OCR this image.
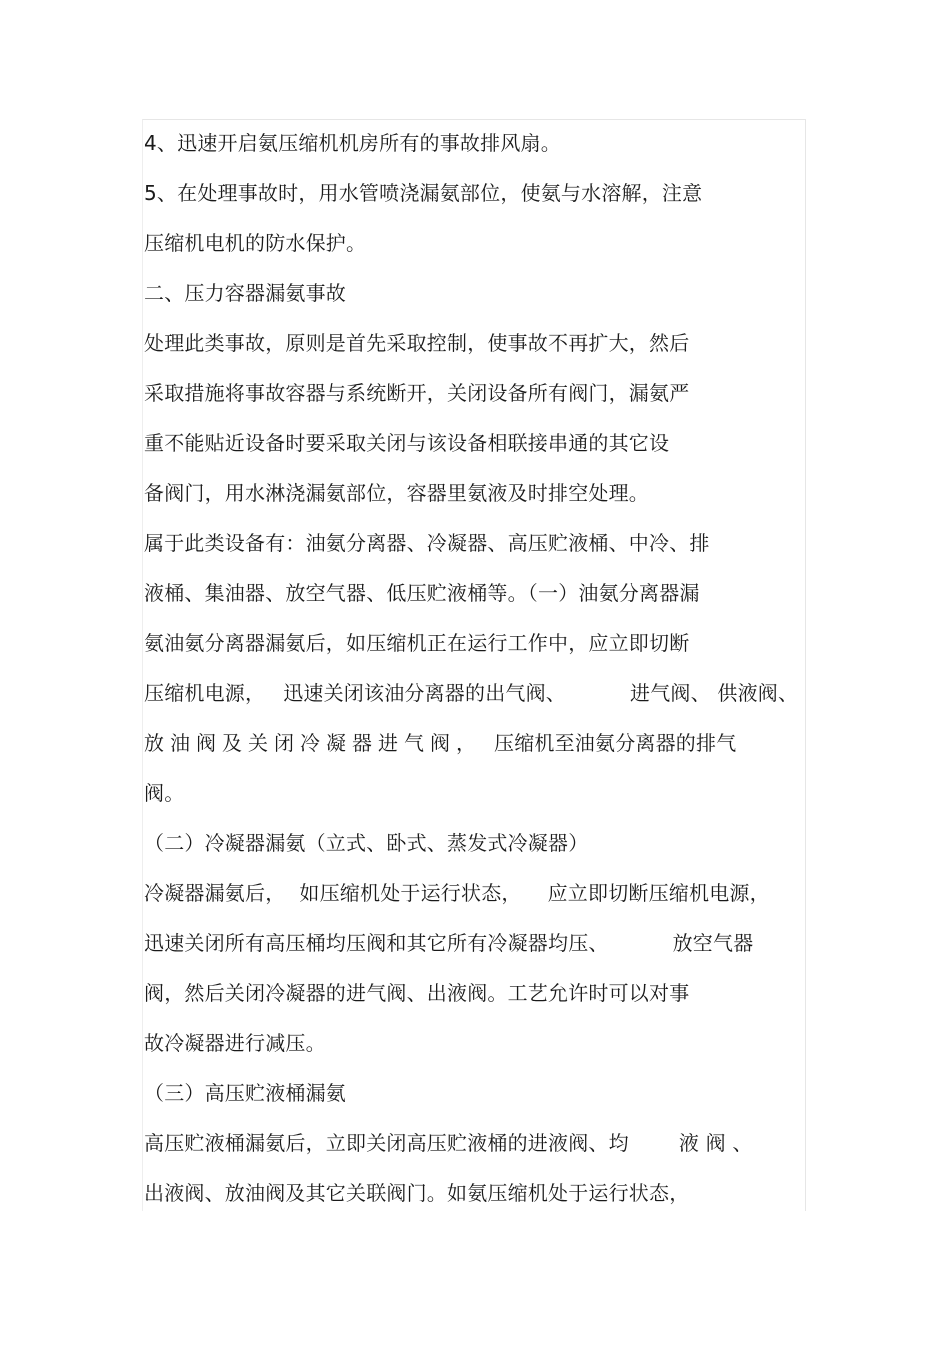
4、迅速开启氨压缩机机房所有的事故排风扇。
5、在处理事故时，用水管喷浇漏氨部位，使氨与水溶解，注意
压缩机电机的防水保护。
二、压力容器漏氨事故
处理此类事故，原则是首先采取控制，使事故不再扩大，然后
采取措施将事故容器与系统断开，关闭设备所有阀门，漏氨严
重不能贴近设备时要采取关闭与该设备相联接串通的其它设
备阀门，用水淋浇漏氨部位，容器里氨液及时排空处理。
属于此类设备有：油氨分离器、冷凝器、高压贮液桶、中冷、排
液桶、集油器、放空气器、低压贮液桶等。（一）油氨分离器漏
氨油氨分离器漏氨后，如压缩机正在运行工作中，应立即切断
压缩机电源， 迅速关闭该油分离器的出气阀、	进气阀、 供液阀、
放油阀及关闭冷凝器进气阀， 压缩机至油氨分离器的排气
阀。
（二）冷凝器漏氨（立式、卧式、蒸发式冷凝器）
冷凝器漏氨后， 如压缩机处于运行状态， 应立即切断压缩机电源，
迅速关闭所有高压桶均压阀和其它所有冷凝器均压、	放空气器
阀，然后关闭冷凝器的进气阀、出液阀。工艺允许时可以对事
故冷凝器进行减压。
（三）高压贮液桶漏氨
高压贮液桶漏氨后，立即关闭高压贮液桶的进液阀、均	液 阀 、
出液阀、放油阀及其它关联阀门。如氨压缩机处于运行状态，
